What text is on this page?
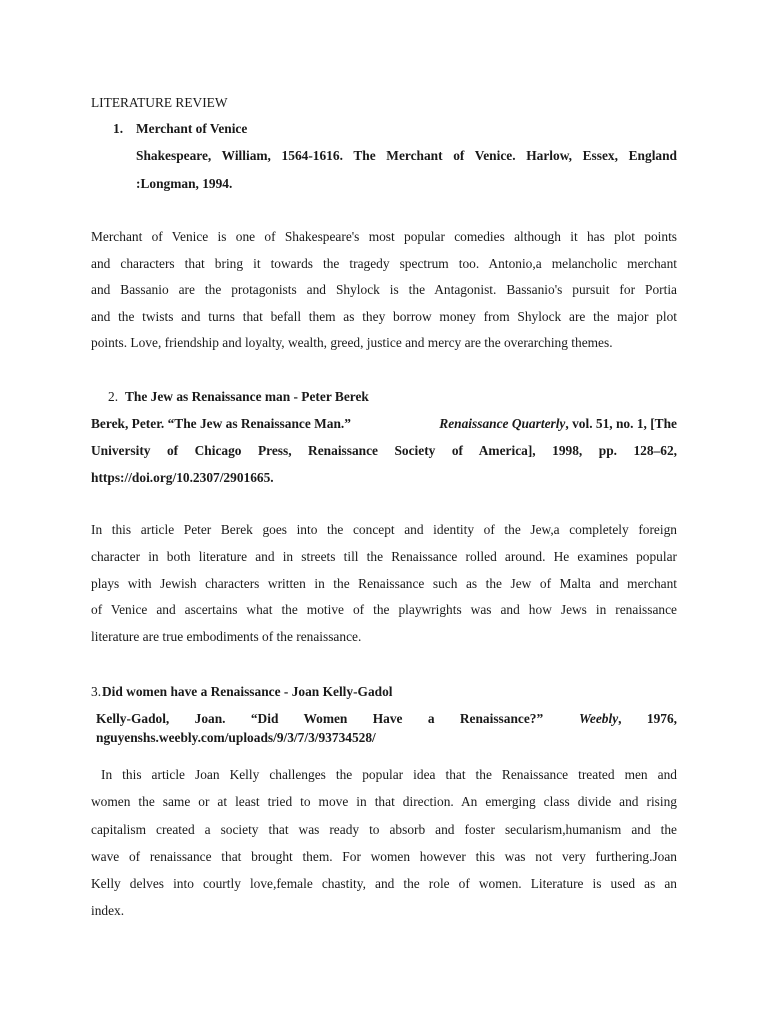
LITERATURE REVIEW
1. Merchant of Venice
Shakespeare, William, 1564-1616. The Merchant of Venice. Harlow, Essex, England
:Longman, 1994.

Merchant of Venice is one of Shakespeare's most popular comedies although it has plot points

and characters that bring it towards the tragedy spectrum too. Antonio,a melancholic merchant

and Bassanio are the protagonists and Shylock is the Antagonist. Bassanio's pursuit for Portia

and the twists and turns that befall them as they borrow money from Shylock are the major plot

points. Love, friendship and loyalty, wealth, greed, justice and mercy are the overarching themes.

2. The Jew as Renaissance man - Peter Berek
Berek, Peter. “The Jew as Renaissance Man.”	Renaissance Quarterly , vol. 51, no. 1, [The
University of Chicago Press, Renaissance Society of America], 1998, pp. 128–62,
https://doi.org/10.2307/2901665.

In this article Peter Berek goes into the concept and identity of the Jew,a completely foreign

character in both literature and in streets till the Renaissance rolled around. He examines popular

plays with Jewish characters written in the Renaissance such as the Jew of Malta and merchant

of Venice and ascertains what the motive of the playwrights was and how Jews in renaissance

literature are true embodiments of the renaissance.

3. Did women have a Renaissance - Joan Kelly-Gadol
Kelly-Gadol, Joan. “Did Women Have a Renaissance?”	Weebly , 1976,
nguyenshs.weebly.com/uploads/9/3/7/3/93734528/

In this article Joan Kelly challenges the popular idea that the Renaissance treated men and

women the same or at least tried to move in that direction. An emerging class divide and rising

capitalism created a society that was ready to absorb and foster secularism,humanism and the

wave of renaissance that brought them. For women however this was not very furthering.Joan

Kelly delves into courtly love,female chastity, and the role of women. Literature is used as an

index.
